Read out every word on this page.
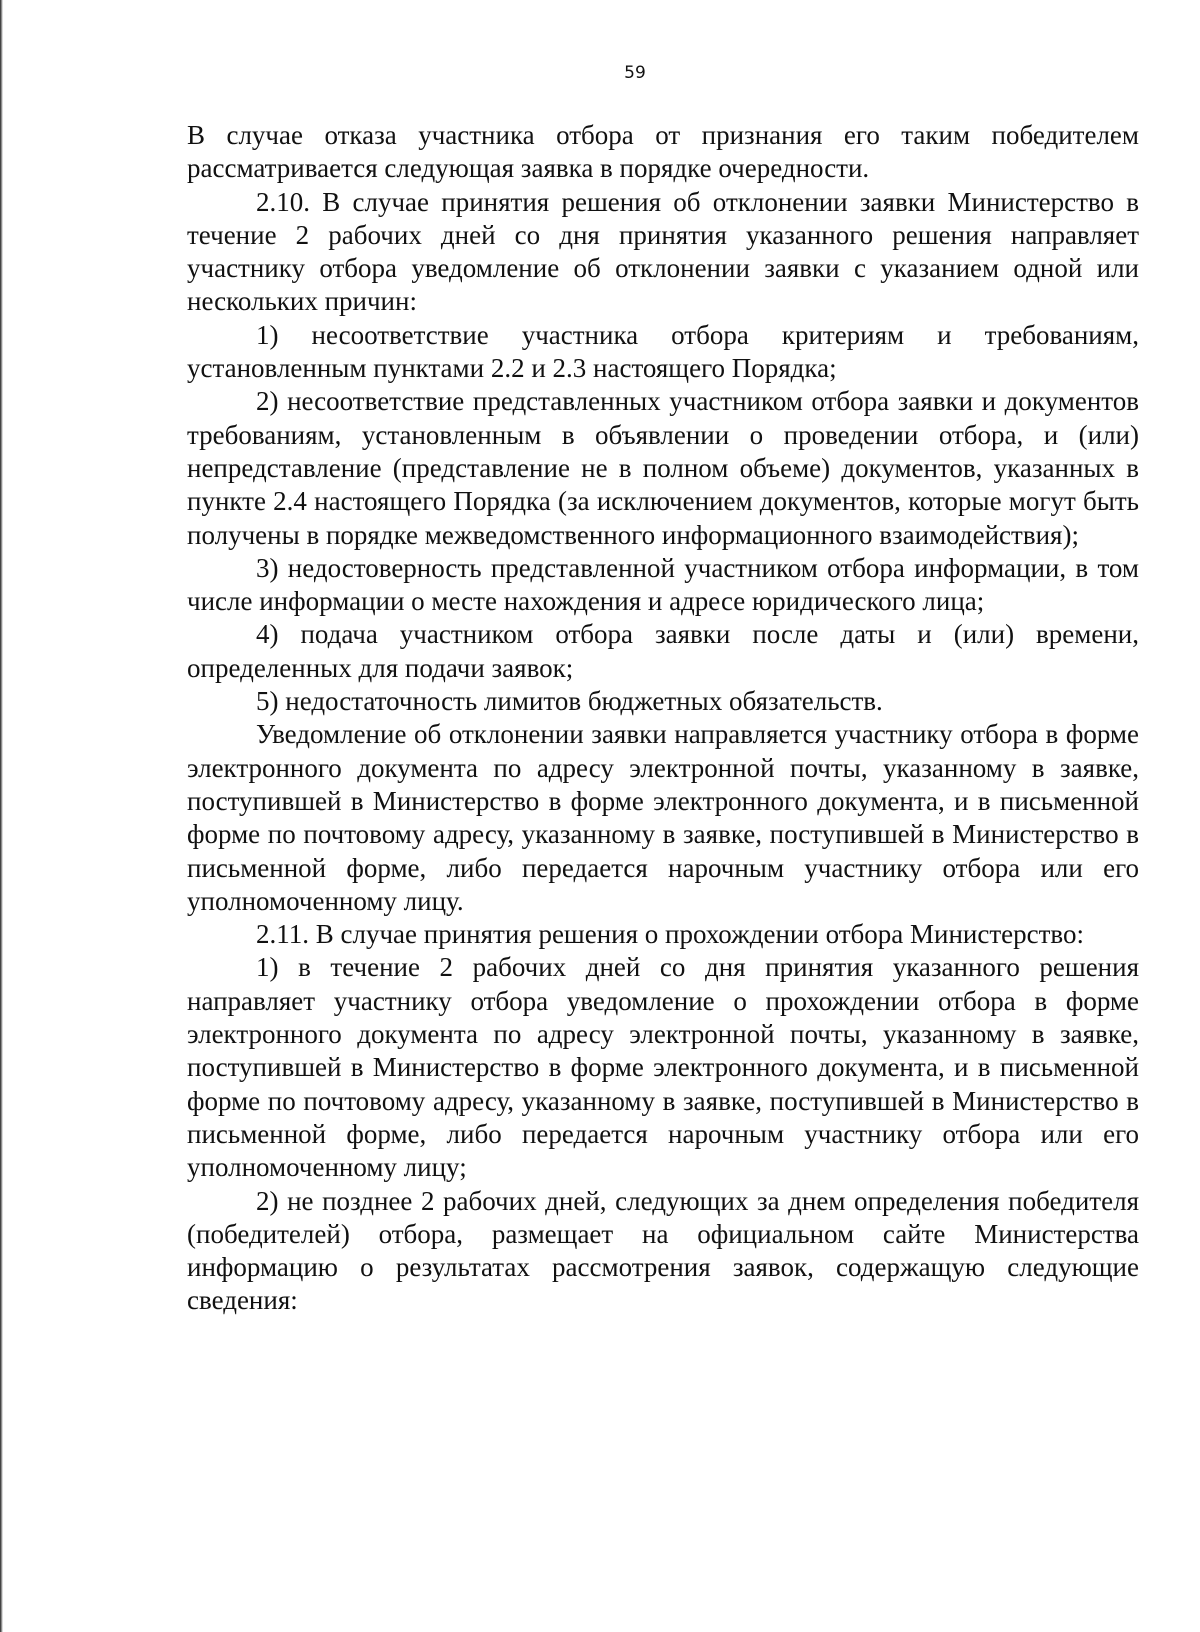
59

В случае отказа участника отбора от признания его таким победителем рассматривается следующая заявка в порядке очередности.

2.10. В случае принятия решения об отклонении заявки Министерство в течение 2 рабочих дней со дня принятия указанного решения направляет участнику отбора уведомление об отклонении заявки с указанием одной или нескольких причин:

1) несоответствие участника отбора критериям и требованиям, установленным пунктами 2.2 и 2.3 настоящего Порядка;

2) несоответствие представленных участником отбора заявки и документов требованиям, установленным в объявлении о проведении отбора, и (или) непредставление (представление не в полном объеме) документов, указанных в пункте 2.4 настоящего Порядка (за исключением документов, которые могут быть получены в порядке межведомственного информационного взаимодействия);

3) недостоверность представленной участником отбора информации, в том числе информации о месте нахождения и адресе юридического лица;

4) подача участником отбора заявки после даты и (или) времени, определенных для подачи заявок;

5) недостаточность лимитов бюджетных обязательств.

Уведомление об отклонении заявки направляется участнику отбора в форме электронного документа по адресу электронной почты, указанному в заявке, поступившей в Министерство в форме электронного документа, и в письменной форме по почтовому адресу, указанному в заявке, поступившей в Министерство в письменной форме, либо передается нарочным участнику отбора или его уполномоченному лицу.

2.11. В случае принятия решения о прохождении отбора Министерство:

1) в течение 2 рабочих дней со дня принятия указанного решения направляет участнику отбора уведомление о прохождении отбора в форме электронного документа по адресу электронной почты, указанному в заявке, поступившей в Министерство в форме электронного документа, и в письменной форме по почтовому адресу, указанному в заявке, поступившей в Министерство в письменной форме, либо передается нарочным участнику отбора или его уполномоченному лицу;

2) не позднее 2 рабочих дней, следующих за днем определения победителя (победителей) отбора, размещает на официальном сайте Министерства информацию о результатах рассмотрения заявок, содержащую следующие сведения:
